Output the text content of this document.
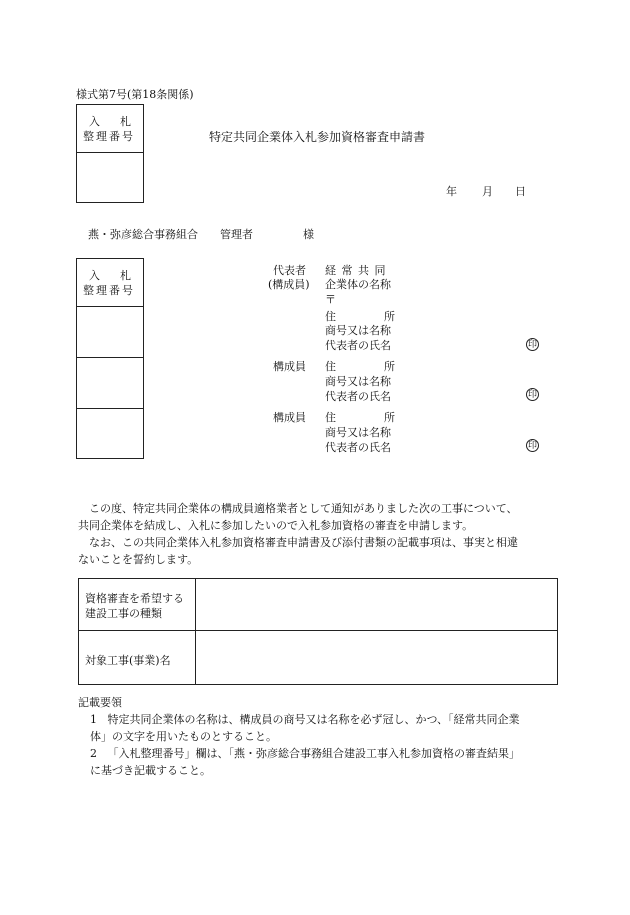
様式第7号(第18条関係)
入 札
整理番号	特定共同企業体入札参加資格審査申請書
年 月 日
燕・弥彦総合事務組合 管理者	様
入 札
整理番号
代表者
(構成員)
経 常 共 同
企業体の名称
〒
住	所
商号又は名称
代表者の氏名	印
構成員 住	所
商号又は名称
代表者の氏名	印
構成員 住	所
商号又は名称
代表者の氏名	印
この度、特定共同企業体の構成員適格業者として通知がありました次の工事について、
共同企業体を結成し、入札に参加したいので入札参加資格の審査を申請します。
なお、この共同企業体入札参加資格審査申請書及び添付書類の記載事項は、事実と相違
ないことを誓約します。
資格審査を希望する
建設工事の種類
対象工事(事業)名
記載要領
1 特定共同企業体の名称は、構成員の商号又は名称を必ず冠し、かつ、「経常共同企業
体」の文字を用いたものとすること。
2 「入札整理番号」欄は、「燕・弥彦総合事務組合建設工事入札参加資格の審査結果」
に基づき記載すること。
